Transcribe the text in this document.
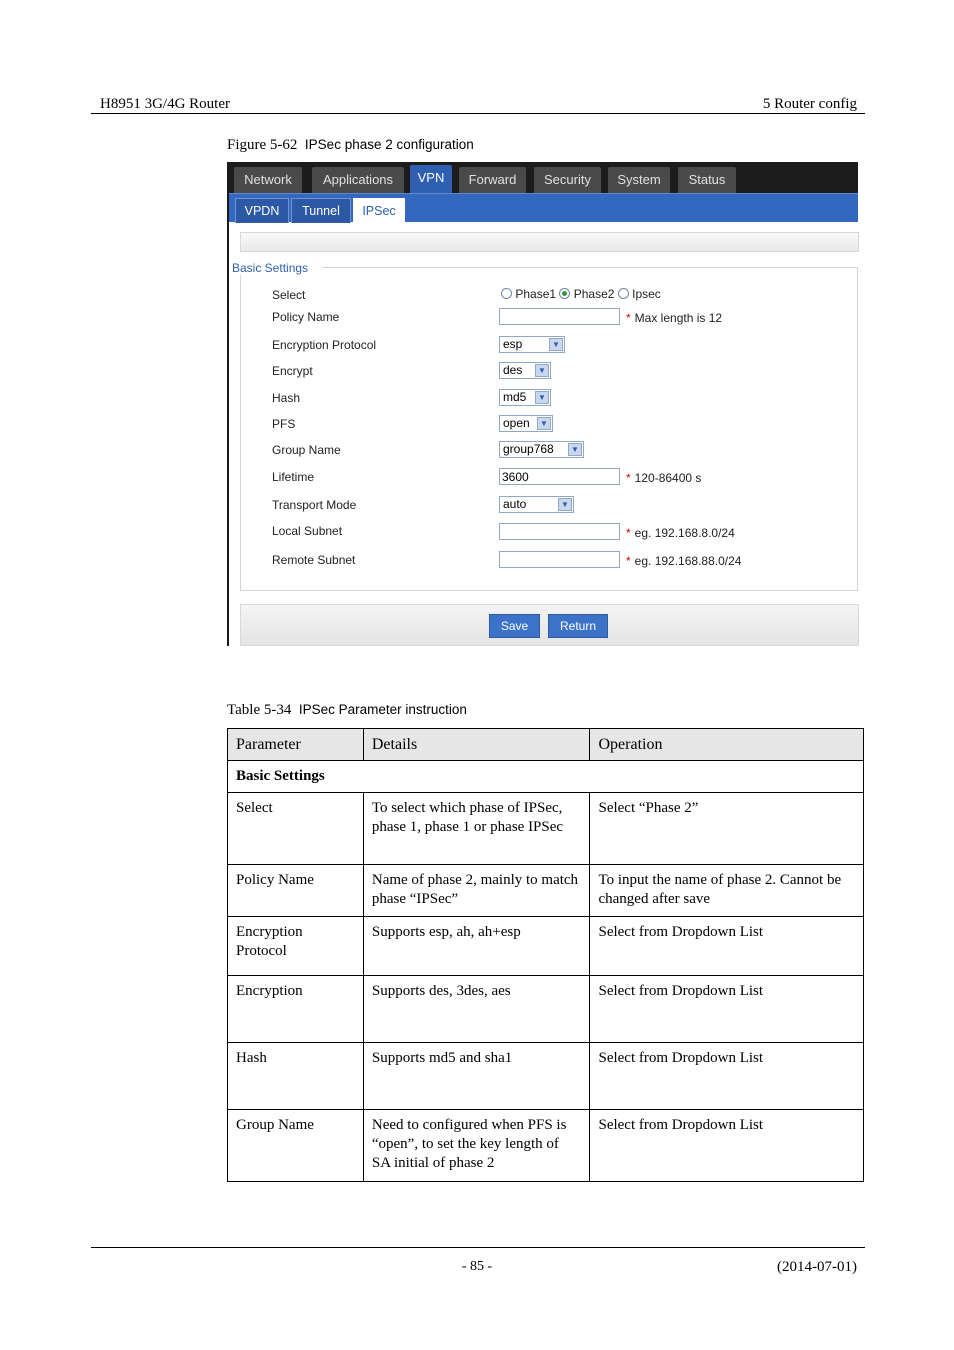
H8951 3G/4G Router	5 Router config
Figure 5-62 IPSec phase 2 configuration
Network	Applications	VPN	Forward	Security	System	Status
VPDN	Tunnel	IPSec
Basic Settings
Select	Phase1 Phase2 Ipsec
Policy Name	* Max length is 12
Encryption Protocol	esp	▼
Encrypt	des	▼
Hash	md5	▼
PFS	open	▼
Group Name	group768	▼
Lifetime	3600	* 120-86400 s
Transport Mode	auto	▼
Local Subnet	* eg. 192.168.8.0/24
Remote Subnet	* eg. 192.168.88.0/24
Save	Return
Table 5-34 IPSec Parameter instruction
Parameter	Details	Operation
Basic Settings		
Select	To select which phase of IPSec, phase 1, phase 1 or phase IPSec	Select “Phase 2”
Policy Name	Name of phase 2, mainly to match phase “IPSec”	To input the name of phase 2. Cannot be changed after save
Encryption Protocol	Supports esp, ah, ah+esp	Select from Dropdown List
Encryption	Supports des, 3des, aes	Select from Dropdown List
Hash	Supports md5 and sha1	Select from Dropdown List
Group Name	Need to configured when PFS is “open”, to set the key length of SA initial of phase 2	Select from Dropdown List
- 85 -	(2014-07-01)
